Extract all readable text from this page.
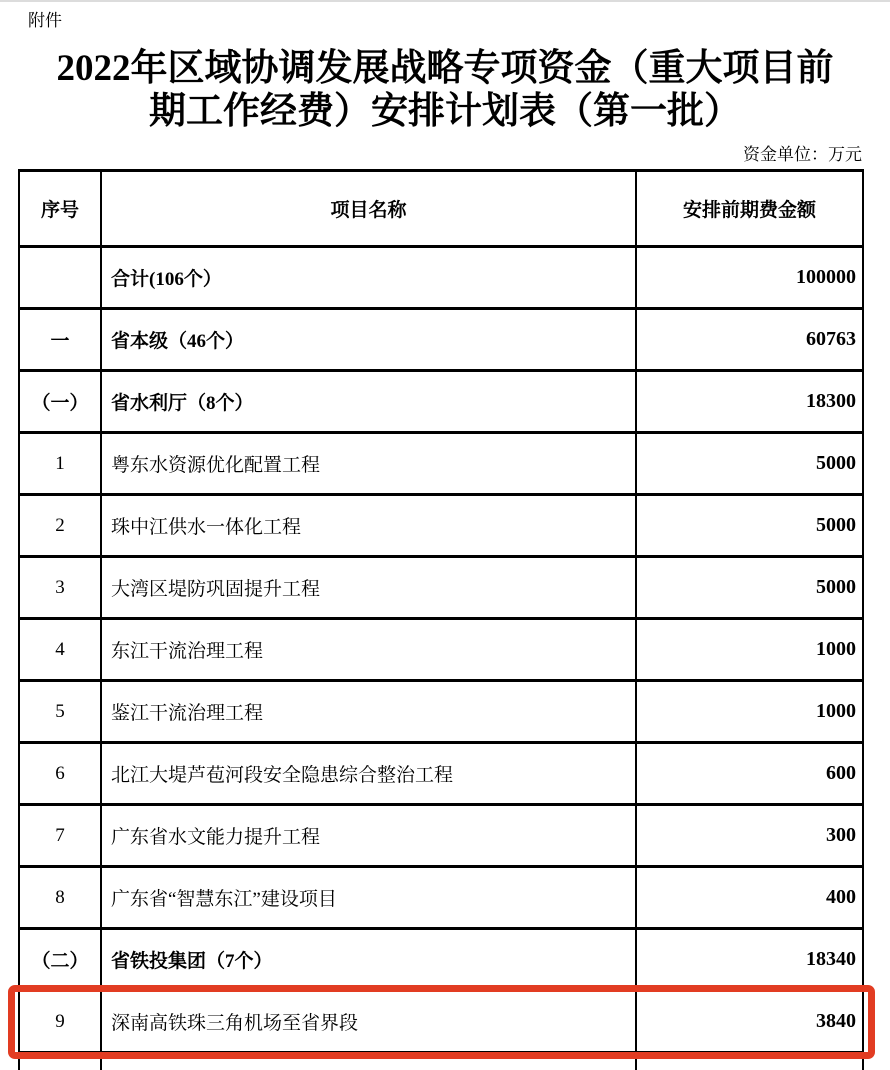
附件
2022年区域协调发展战略专项资金（重大项目前
期工作经费）安排计划表（第一批）
资金单位：万元
序号	项目名称	安排前期费金额
	合计(106个）	100000
一	省本级（46个）	60763
（一）	省水利厅（8个）	18300
1	粤东水资源优化配置工程	5000
2	珠中江供水一体化工程	5000
3	大湾区堤防巩固提升工程	5000
4	东江干流治理工程	1000
5	鉴江干流治理工程	1000
6	北江大堤芦苞河段安全隐患综合整治工程	600
7	广东省水文能力提升工程	300
8	广东省“智慧东江”建设项目	400
（二）	省铁投集团（7个）	18340
9	深南高铁珠三角机场至省界段	3840
